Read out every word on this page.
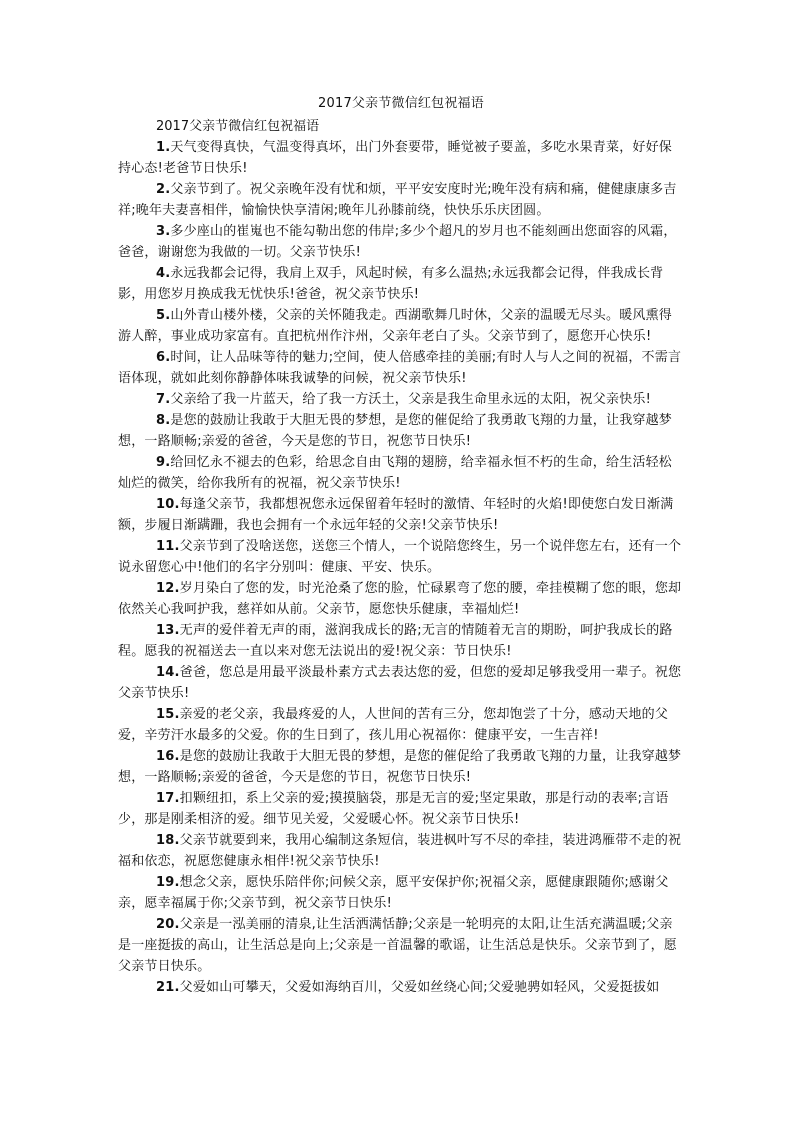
2017父亲节微信红包祝福语

2017父亲节微信红包祝福语

1.天气变得真快，气温变得真坏，出门外套要带，睡觉被子要盖，多吃水果青菜，好好保持心态!老爸节日快乐!

2.父亲节到了。祝父亲晚年没有忧和烦，平平安安度时光;晚年没有病和痛，健健康康多吉祥;晚年夫妻喜相伴，愉愉快快享清闲;晚年儿孙膝前绕，快快乐乐庆团圆。

3.多少座山的崔嵬也不能勾勒出您的伟岸;多少个超凡的岁月也不能刻画出您面容的风霜，爸爸，谢谢您为我做的一切。父亲节快乐!

4.永远我都会记得，我肩上双手，风起时候，有多么温热;永远我都会记得，伴我成长背影，用您岁月换成我无忧快乐!爸爸，祝父亲节快乐!

5.山外青山楼外楼，父亲的关怀随我走。西湖歌舞几时休，父亲的温暖无尽头。暖风熏得游人醉，事业成功家富有。直把杭州作汴州，父亲年老白了头。父亲节到了，愿您开心快乐!

6.时间，让人品味等待的魅力;空间，使人倍感牵挂的美丽;有时人与人之间的祝福，不需言语体现，就如此刻你静静体味我诚挚的问候，祝父亲节快乐!

7.父亲给了我一片蓝天，给了我一方沃土，父亲是我生命里永远的太阳，祝父亲快乐!

8.是您的鼓励让我敢于大胆无畏的梦想，是您的催促给了我勇敢飞翔的力量，让我穿越梦想，一路顺畅;亲爱的爸爸，今天是您的节日，祝您节日快乐!

9.给回忆永不褪去的色彩，给思念自由飞翔的翅膀，给幸福永恒不朽的生命，给生活轻松灿烂的微笑，给你我所有的祝福，祝父亲节快乐!

10.每逢父亲节，我都想祝您永远保留着年轻时的激情、年轻时的火焰!即使您白发日渐满额，步履日渐蹒跚，我也会拥有一个永远年轻的父亲!父亲节快乐!

11.父亲节到了没啥送您，送您三个情人，一个说陪您终生，另一个说伴您左右，还有一个说永留您心中!他们的名字分别叫：健康、平安、快乐。

12.岁月染白了您的发，时光沧桑了您的脸，忙碌累弯了您的腰，牵挂模糊了您的眼，您却依然关心我呵护我，慈祥如从前。父亲节，愿您快乐健康，幸福灿烂!

13.无声的爱伴着无声的雨，滋润我成长的路;无言的情随着无言的期盼，呵护我成长的路程。愿我的祝福送去一直以来对您无法说出的爱!祝父亲：节日快乐!

14.爸爸，您总是用最平淡最朴素方式去表达您的爱，但您的爱却足够我受用一辈子。祝您父亲节快乐!

15.亲爱的老父亲，我最疼爱的人，人世间的苦有三分，您却饱尝了十分，感动天地的父爱，辛劳汗水最多的父爱。你的生日到了，孩儿用心祝福你：健康平安，一生吉祥!

16.是您的鼓励让我敢于大胆无畏的梦想，是您的催促给了我勇敢飞翔的力量，让我穿越梦想，一路顺畅;亲爱的爸爸，今天是您的节日，祝您节日快乐!

17.扣颗纽扣，系上父亲的爱;摸摸脑袋，那是无言的爱;坚定果敢，那是行动的表率;言语少，那是刚柔相济的爱。细节见关爱，父爱暖心怀。祝父亲节日快乐!

18.父亲节就要到来，我用心编制这条短信，装进枫叶写不尽的牵挂，装进鸿雁带不走的祝福和依恋，祝愿您健康永相伴!祝父亲节快乐!

19.想念父亲，愿快乐陪伴你;问候父亲，愿平安保护你;祝福父亲，愿健康跟随你;感谢父亲，愿幸福属于你;父亲节到，祝父亲节日快乐!

20.父亲是一泓美丽的清泉,让生活洒满恬静;父亲是一轮明亮的太阳,让生活充满温暖;父亲是一座挺拔的高山，让生活总是向上;父亲是一首温馨的歌谣，让生活总是快乐。父亲节到了，愿父亲节日快乐。

21.父爱如山可攀天，父爱如海纳百川，父爱如丝绕心间;父爱驰骋如轻风，父爱挺拔如
